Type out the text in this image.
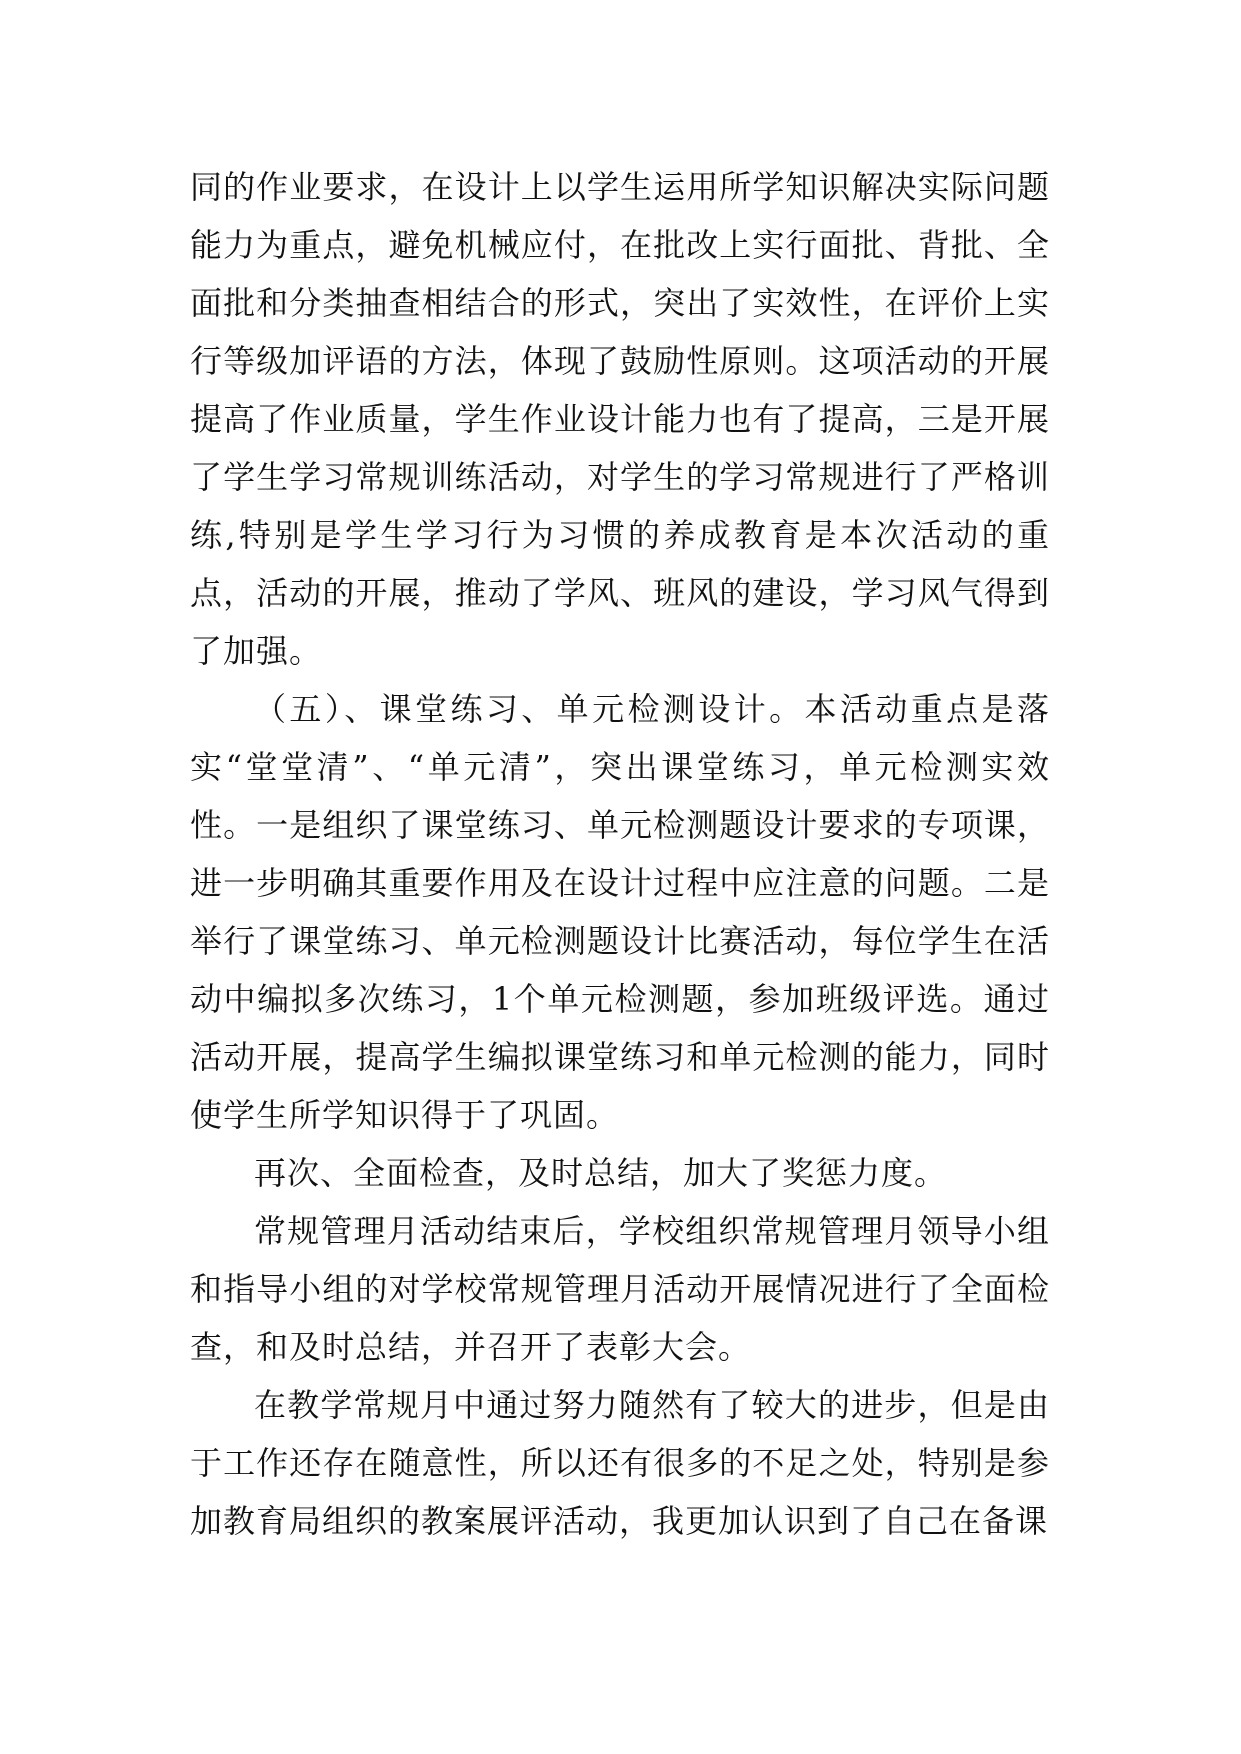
同的作业要求，在设计上以学生运用所学知识解决实际问题能力为重点，避免机械应付，在批改上实行面批、背批、全面批和分类抽查相结合的形式，突出了实效性，在评价上实行等级加评语的方法，体现了鼓励性原则。这项活动的开展提高了作业质量，学生作业设计能力也有了提高，三是开展了学生学习常规训练活动，对学生的学习常规进行了严格训练,特别是学生学习行为习惯的养成教育是本次活动的重点，活动的开展，推动了学风、班风的建设，学习风气得到了加强。

（五）、课堂练习、单元检测设计。本活动重点是落实“堂堂清”、“单元清”，突出课堂练习，单元检测实效性。一是组织了课堂练习、单元检测题设计要求的专项课，进一步明确其重要作用及在设计过程中应注意的问题。二是举行了课堂练习、单元检测题设计比赛活动，每位学生在活动中编拟多次练习，1个单元检测题，参加班级评选。通过活动开展，提高学生编拟课堂练习和单元检测的能力，同时使学生所学知识得于了巩固。

再次、全面检查，及时总结，加大了奖惩力度。

常规管理月活动结束后，学校组织常规管理月领导小组和指导小组的对学校常规管理月活动开展情况进行了全面检查，和及时总结，并召开了表彰大会。

在教学常规月中通过努力随然有了较大的进步，但是由于工作还存在随意性，所以还有很多的不足之处，特别是参加教育局组织的教案展评活动，我更加认识到了自己在备课
